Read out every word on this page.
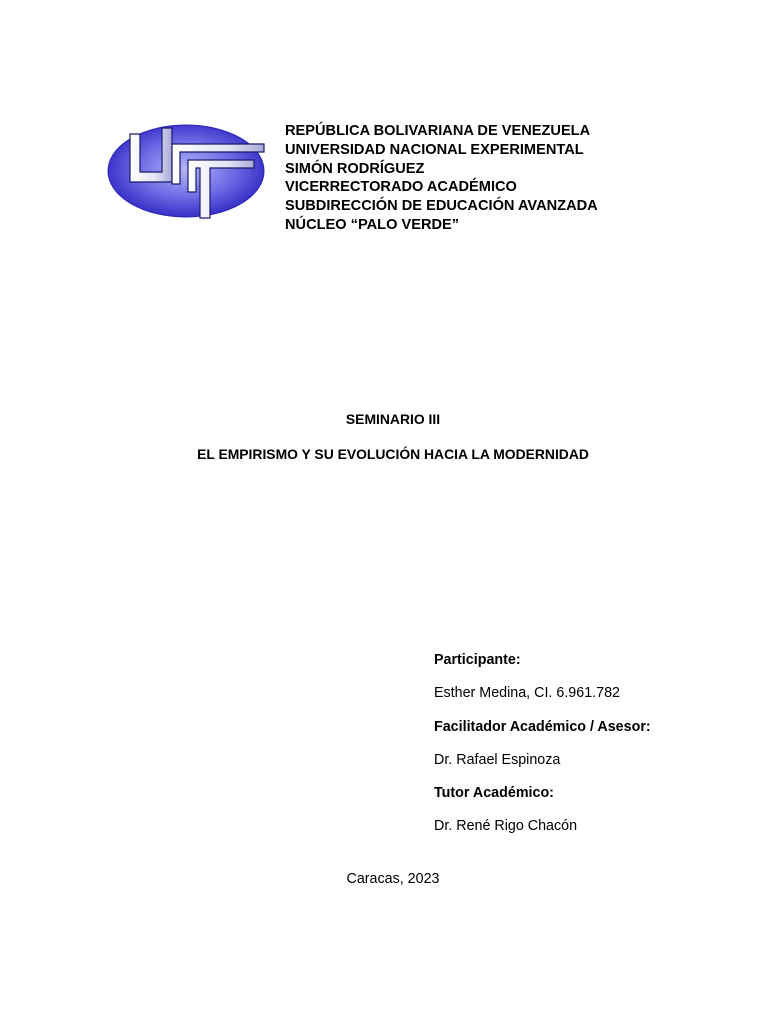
REPÚBLICA BOLIVARIANA DE VENEZUELA
UNIVERSIDAD NACIONAL EXPERIMENTAL
SIMÓN RODRÍGUEZ
VICERRECTORADO ACADÉMICO
SUBDIRECCIÓN DE EDUCACIÓN AVANZADA
NÚCLEO “PALO VERDE”
SEMINARIO III
EL EMPIRISMO Y SU EVOLUCIÓN HACIA LA MODERNIDAD
Participante:
Esther Medina, CI. 6.961.782
Facilitador Académico / Asesor:
Dr. Rafael Espinoza
Tutor Académico:
Dr. René Rigo Chacón
Caracas, 2023
